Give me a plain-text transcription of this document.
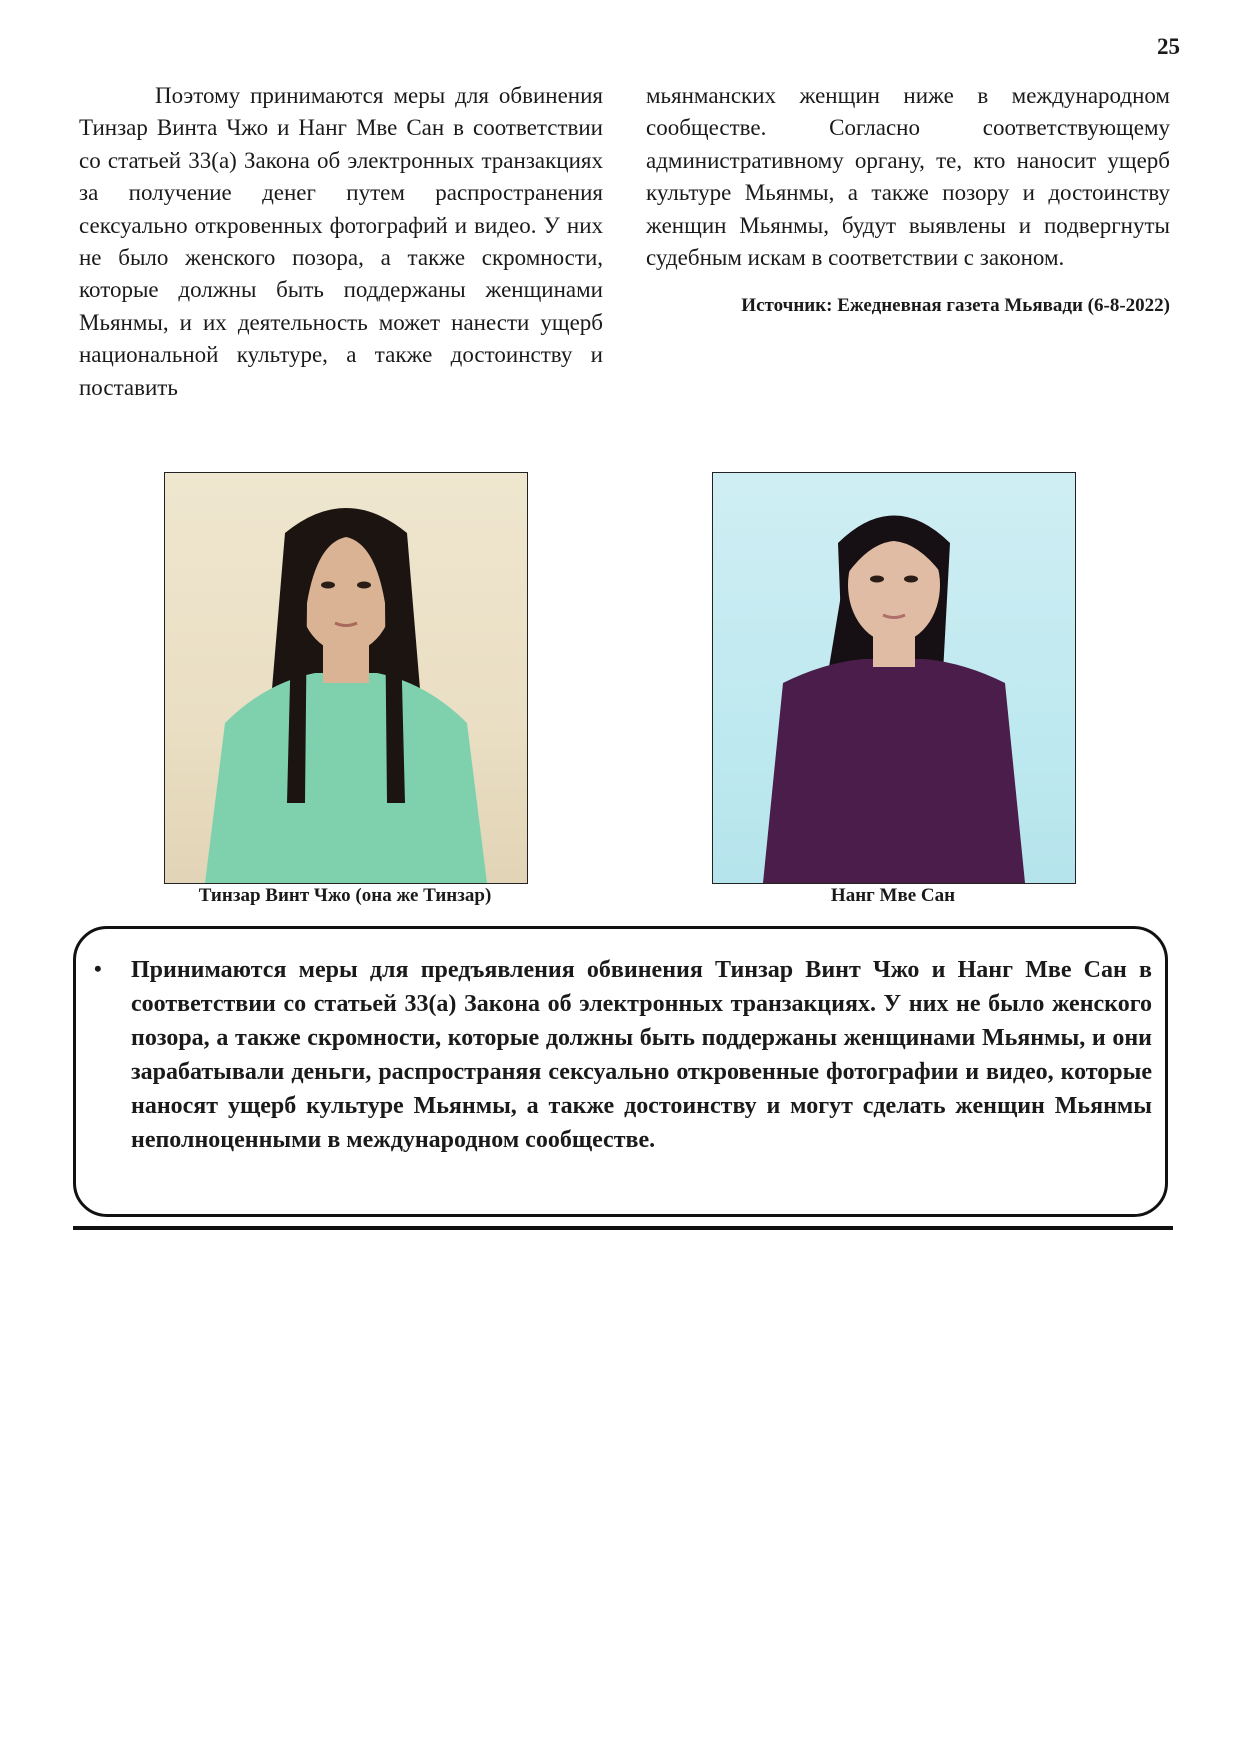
25

Поэтому принимаются меры для обвинения Тинзар Винта Чжо и Нанг Мве Сан в соответствии со статьей 33(а) Закона об электронных транзакциях за получение денег путем распространения сексуально откровенных фотографий и видео. У них не было женского позора, а также скромности, которые должны быть поддержаны женщинами Мьянмы, и их деятельность может нанести ущерб национальной культуре, а также достоинству и поставить

мьянманских женщин ниже в международном сообществе. Согласно соответствующему административному органу, те, кто наносит ущерб культуре Мьянмы, а также позору и достоинству женщин Мьянмы, будут выявлены и подвергнуты судебным искам в соответствии с законом.

Источник: Ежедневная газета Мьявади (6-8-2022)

Тинзар Винт Чжо (она же Тинзар)	Нанг Мве Сан
• Принимаются меры для предъявления обвинения Тинзар Винт Чжо и Нанг Мве Сан в соответствии со статьей 33(а) Закона об электронных транзакциях. У них не было женского позора, а также скромности, которые должны быть поддержаны женщинами Мьянмы, и они зарабатывали деньги, распространяя сексуально откровенные фотографии и видео, которые наносят ущерб культуре Мьянмы, а также достоинству и могут сделать женщин Мьянмы неполноценными в международном сообществе.
